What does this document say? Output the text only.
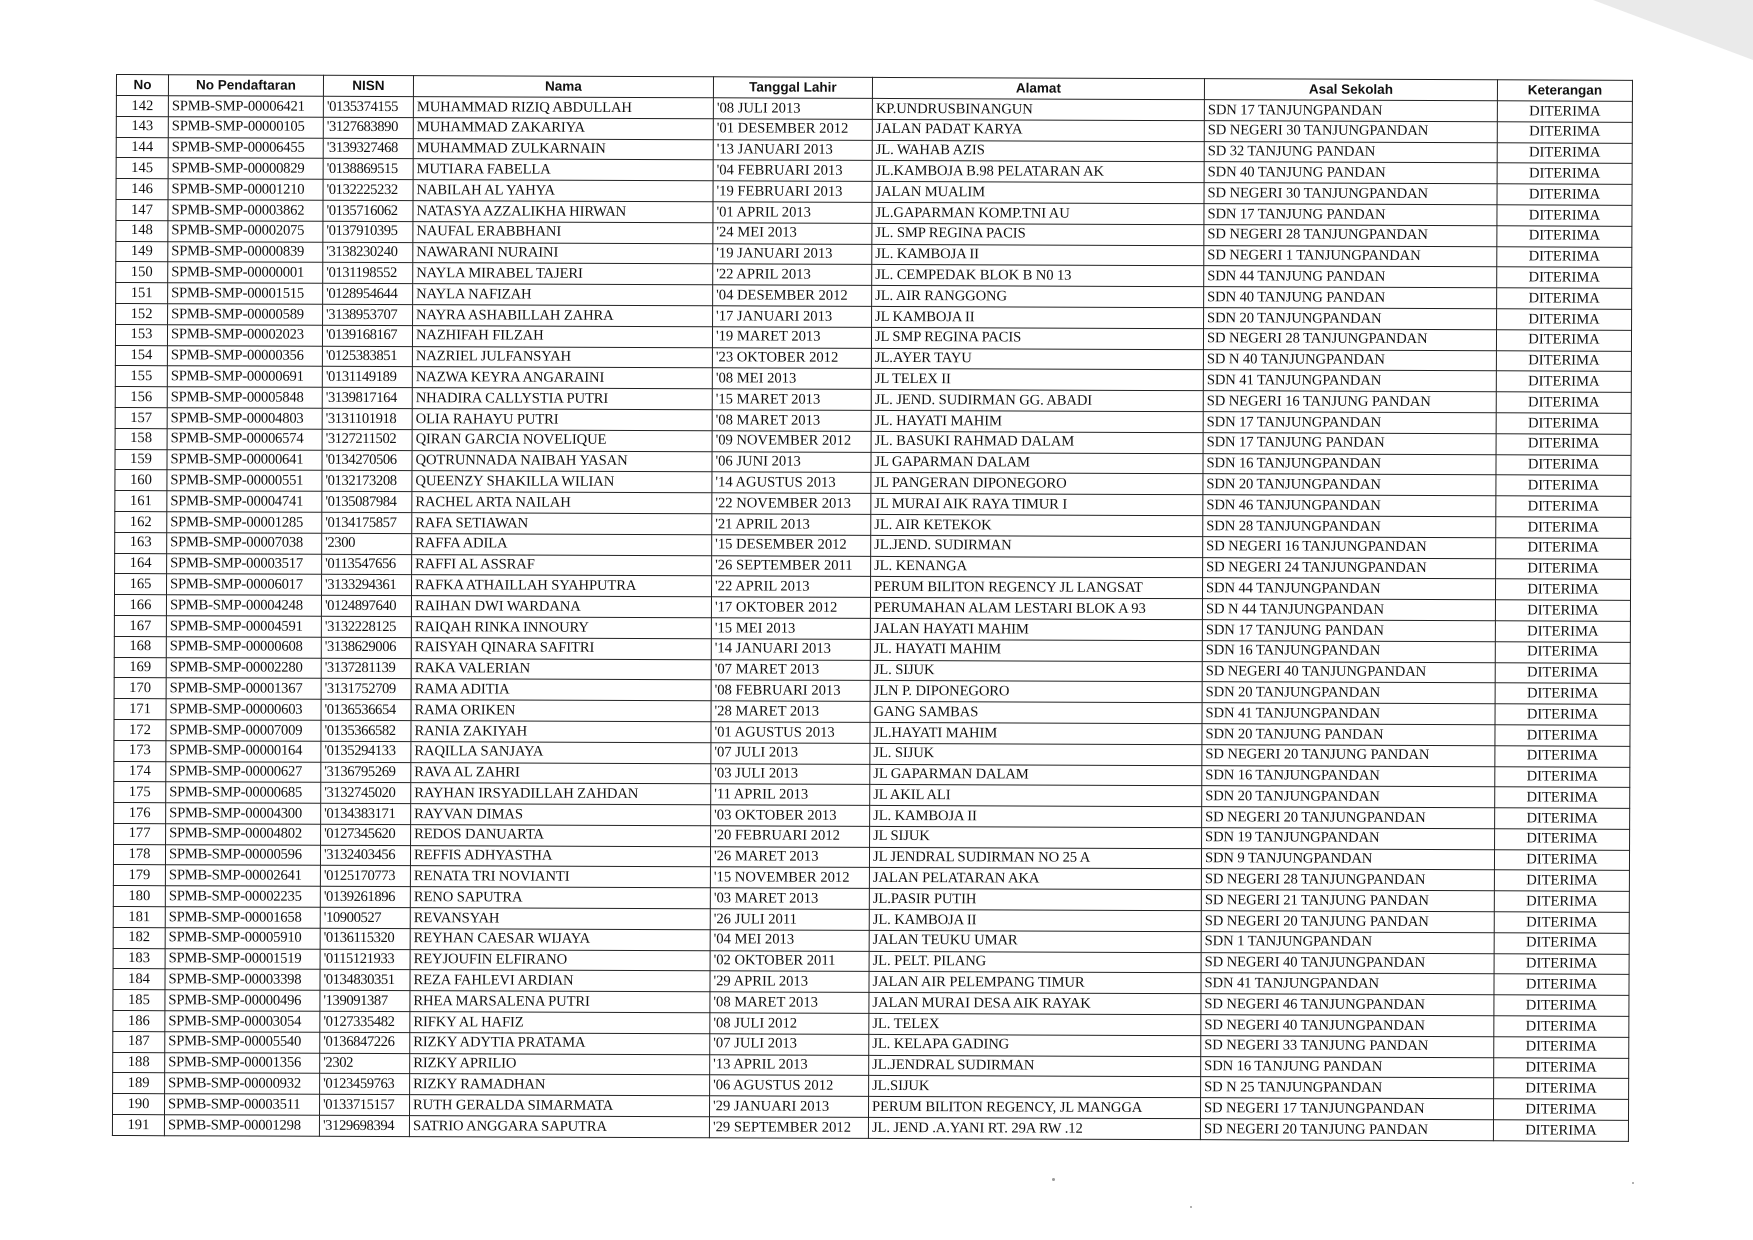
No	No Pendaftaran	NISN	Nama	Tanggal Lahir	Alamat	Asal Sekolah	Keterangan
142	SPMB-SMP-00006421	'0135374155	MUHAMMAD RIZIQ ABDULLAH	'08 JULI 2013	KP.UNDRUSBINANGUN	SDN 17 TANJUNGPANDAN	DITERIMA
143	SPMB-SMP-00000105	'3127683890	MUHAMMAD ZAKARIYA	'01 DESEMBER 2012	JALAN PADAT KARYA	SD NEGERI 30 TANJUNGPANDAN	DITERIMA
144	SPMB-SMP-00006455	'3139327468	MUHAMMAD ZULKARNAIN	'13 JANUARI 2013	JL. WAHAB AZIS	SD 32 TANJUNG PANDAN	DITERIMA
145	SPMB-SMP-00000829	'0138869515	MUTIARA FABELLA	'04 FEBRUARI 2013	JL.KAMBOJA B.98 PELATARAN AK	SDN 40 TANJUNG PANDAN	DITERIMA
146	SPMB-SMP-00001210	'0132225232	NABILAH AL YAHYA	'19 FEBRUARI 2013	JALAN MUALIM	SD NEGERI 30 TANJUNGPANDAN	DITERIMA
147	SPMB-SMP-00003862	'0135716062	NATASYA AZZALIKHA HIRWAN	'01 APRIL 2013	JL.GAPARMAN KOMP.TNI AU	SDN 17 TANJUNG PANDAN	DITERIMA
148	SPMB-SMP-00002075	'0137910395	NAUFAL ERABBHANI	'24 MEI 2013	JL. SMP REGINA PACIS	SD NEGERI 28 TANJUNGPANDAN	DITERIMA
149	SPMB-SMP-00000839	'3138230240	NAWARANI NURAINI	'19 JANUARI 2013	JL. KAMBOJA II	SD NEGERI 1 TANJUNGPANDAN	DITERIMA
150	SPMB-SMP-00000001	'0131198552	NAYLA MIRABEL TAJERI	'22 APRIL 2013	JL. CEMPEDAK BLOK B N0 13	SDN 44 TANJUNG PANDAN	DITERIMA
151	SPMB-SMP-00001515	'0128954644	NAYLA NAFIZAH	'04 DESEMBER 2012	JL. AIR RANGGONG	SDN 40 TANJUNG PANDAN	DITERIMA
152	SPMB-SMP-00000589	'3138953707	NAYRA ASHABILLAH ZAHRA	'17 JANUARI 2013	JL KAMBOJA II	SDN 20 TANJUNGPANDAN	DITERIMA
153	SPMB-SMP-00002023	'0139168167	NAZHIFAH FILZAH	'19 MARET 2013	JL SMP REGINA PACIS	SD NEGERI 28 TANJUNGPANDAN	DITERIMA
154	SPMB-SMP-00000356	'0125383851	NAZRIEL JULFANSYAH	'23 OKTOBER 2012	JL.AYER TAYU	SD N 40 TANJUNGPANDAN	DITERIMA
155	SPMB-SMP-00000691	'0131149189	NAZWA KEYRA ANGARAINI	'08 MEI 2013	JL TELEX II	SDN 41 TANJUNGPANDAN	DITERIMA
156	SPMB-SMP-00005848	'3139817164	NHADIRA CALLYSTIA PUTRI	'15 MARET 2013	JL. JEND. SUDIRMAN GG. ABADI	SD NEGERI 16 TANJUNG PANDAN	DITERIMA
157	SPMB-SMP-00004803	'3131101918	OLIA RAHAYU PUTRI	'08 MARET 2013	JL. HAYATI MAHIM	SDN 17 TANJUNGPANDAN	DITERIMA
158	SPMB-SMP-00006574	'3127211502	QIRAN GARCIA NOVELIQUE	'09 NOVEMBER 2012	JL. BASUKI RAHMAD DALAM	SDN 17 TANJUNG PANDAN	DITERIMA
159	SPMB-SMP-00000641	'0134270506	QOTRUNNADA NAIBAH YASAN	'06 JUNI 2013	JL GAPARMAN DALAM	SDN 16 TANJUNGPANDAN	DITERIMA
160	SPMB-SMP-00000551	'0132173208	QUEENZY SHAKILLA WILIAN	'14 AGUSTUS 2013	JL PANGERAN DIPONEGORO	SDN 20 TANJUNGPANDAN	DITERIMA
161	SPMB-SMP-00004741	'0135087984	RACHEL ARTA NAILAH	'22 NOVEMBER 2013	JL MURAI AIK RAYA TIMUR I	SDN 46 TANJUNGPANDAN	DITERIMA
162	SPMB-SMP-00001285	'0134175857	RAFA SETIAWAN	'21 APRIL 2013	JL. AIR KETEKOK	SDN 28 TANJUNGPANDAN	DITERIMA
163	SPMB-SMP-00007038	'2300	RAFFA ADILA	'15 DESEMBER 2012	JL.JEND. SUDIRMAN	SD NEGERI 16 TANJUNGPANDAN	DITERIMA
164	SPMB-SMP-00003517	'0113547656	RAFFI AL ASSRAF	'26 SEPTEMBER 2011	JL. KENANGA	SD NEGERI 24 TANJUNGPANDAN	DITERIMA
165	SPMB-SMP-00006017	'3133294361	RAFKA ATHAILLAH SYAHPUTRA	'22 APRIL 2013	PERUM BILITON REGENCY JL LANGSAT	SDN 44 TANJUNGPANDAN	DITERIMA
166	SPMB-SMP-00004248	'0124897640	RAIHAN DWI WARDANA	'17 OKTOBER 2012	PERUMAHAN ALAM LESTARI BLOK A 93	SD N 44 TANJUNGPANDAN	DITERIMA
167	SPMB-SMP-00004591	'3132228125	RAIQAH RINKA INNOURY	'15 MEI 2013	JALAN HAYATI MAHIM	SDN 17 TANJUNG PANDAN	DITERIMA
168	SPMB-SMP-00000608	'3138629006	RAISYAH QINARA SAFITRI	'14 JANUARI 2013	JL. HAYATI MAHIM	SDN 16 TANJUNGPANDAN	DITERIMA
169	SPMB-SMP-00002280	'3137281139	RAKA VALERIAN	'07 MARET 2013	JL. SIJUK	SD NEGERI 40 TANJUNGPANDAN	DITERIMA
170	SPMB-SMP-00001367	'3131752709	RAMA ADITIA	'08 FEBRUARI 2013	JLN P. DIPONEGORO	SDN 20 TANJUNGPANDAN	DITERIMA
171	SPMB-SMP-00000603	'0136536654	RAMA ORIKEN	'28 MARET 2013	GANG SAMBAS	SDN 41 TANJUNGPANDAN	DITERIMA
172	SPMB-SMP-00007009	'0135366582	RANIA ZAKIYAH	'01 AGUSTUS 2013	JL.HAYATI MAHIM	SDN 20 TANJUNG PANDAN	DITERIMA
173	SPMB-SMP-00000164	'0135294133	RAQILLA SANJAYA	'07 JULI 2013	JL. SIJUK	SD NEGERI 20 TANJUNG PANDAN	DITERIMA
174	SPMB-SMP-00000627	'3136795269	RAVA AL ZAHRI	'03 JULI 2013	JL GAPARMAN DALAM	SDN 16 TANJUNGPANDAN	DITERIMA
175	SPMB-SMP-00000685	'3132745020	RAYHAN IRSYADILLAH ZAHDAN	'11 APRIL 2013	JL AKIL ALI	SDN 20 TANJUNGPANDAN	DITERIMA
176	SPMB-SMP-00004300	'0134383171	RAYVAN DIMAS	'03 OKTOBER 2013	JL. KAMBOJA II	SD NEGERI 20 TANJUNGPANDAN	DITERIMA
177	SPMB-SMP-00004802	'0127345620	REDOS DANUARTA	'20 FEBRUARI 2012	JL SIJUK	SDN 19 TANJUNGPANDAN	DITERIMA
178	SPMB-SMP-00000596	'3132403456	REFFIS ADHYASTHA	'26 MARET 2013	JL JENDRAL SUDIRMAN NO 25 A	SDN 9 TANJUNGPANDAN	DITERIMA
179	SPMB-SMP-00002641	'0125170773	RENATA TRI NOVIANTI	'15 NOVEMBER 2012	JALAN PELATARAN AKA	SD NEGERI 28 TANJUNGPANDAN	DITERIMA
180	SPMB-SMP-00002235	'0139261896	RENO SAPUTRA	'03 MARET 2013	JL.PASIR PUTIH	SD NEGERI 21 TANJUNG PANDAN	DITERIMA
181	SPMB-SMP-00001658	'10900527	REVANSYAH	'26 JULI 2011	JL. KAMBOJA II	SD NEGERI 20 TANJUNG PANDAN	DITERIMA
182	SPMB-SMP-00005910	'0136115320	REYHAN CAESAR WIJAYA	'04 MEI 2013	JALAN TEUKU UMAR	SDN 1 TANJUNGPANDAN	DITERIMA
183	SPMB-SMP-00001519	'0115121933	REYJOUFIN ELFIRANO	'02 OKTOBER 2011	JL. PELT. PILANG	SD NEGERI 40 TANJUNGPANDAN	DITERIMA
184	SPMB-SMP-00003398	'0134830351	REZA FAHLEVI ARDIAN	'29 APRIL 2013	JALAN AIR PELEMPANG TIMUR	SDN 41 TANJUNGPANDAN	DITERIMA
185	SPMB-SMP-00000496	'139091387	RHEA MARSALENA PUTRI	'08 MARET 2013	JALAN MURAI DESA AIK RAYAK	SD NEGERI 46 TANJUNGPANDAN	DITERIMA
186	SPMB-SMP-00003054	'0127335482	RIFKY AL HAFIZ	'08 JULI 2012	JL. TELEX	SD NEGERI 40 TANJUNGPANDAN	DITERIMA
187	SPMB-SMP-00005540	'0136847226	RIZKY ADYTIA PRATAMA	'07 JULI 2013	JL. KELAPA GADING	SD NEGERI 33 TANJUNG PANDAN	DITERIMA
188	SPMB-SMP-00001356	'2302	RIZKY APRILIO	'13 APRIL 2013	JL.JENDRAL SUDIRMAN	SDN 16 TANJUNG PANDAN	DITERIMA
189	SPMB-SMP-00000932	'0123459763	RIZKY RAMADHAN	'06 AGUSTUS 2012	JL.SIJUK	SD N 25 TANJUNGPANDAN	DITERIMA
190	SPMB-SMP-00003511	'0133715157	RUTH GERALDA SIMARMATA	'29 JANUARI 2013	PERUM BILITON REGENCY, JL MANGGA	SD NEGERI 17 TANJUNGPANDAN	DITERIMA
191	SPMB-SMP-00001298	'3129698394	SATRIO ANGGARA SAPUTRA	'29 SEPTEMBER 2012	JL. JEND .A.YANI RT. 29A RW .12	SD NEGERI 20 TANJUNG PANDAN	DITERIMA
